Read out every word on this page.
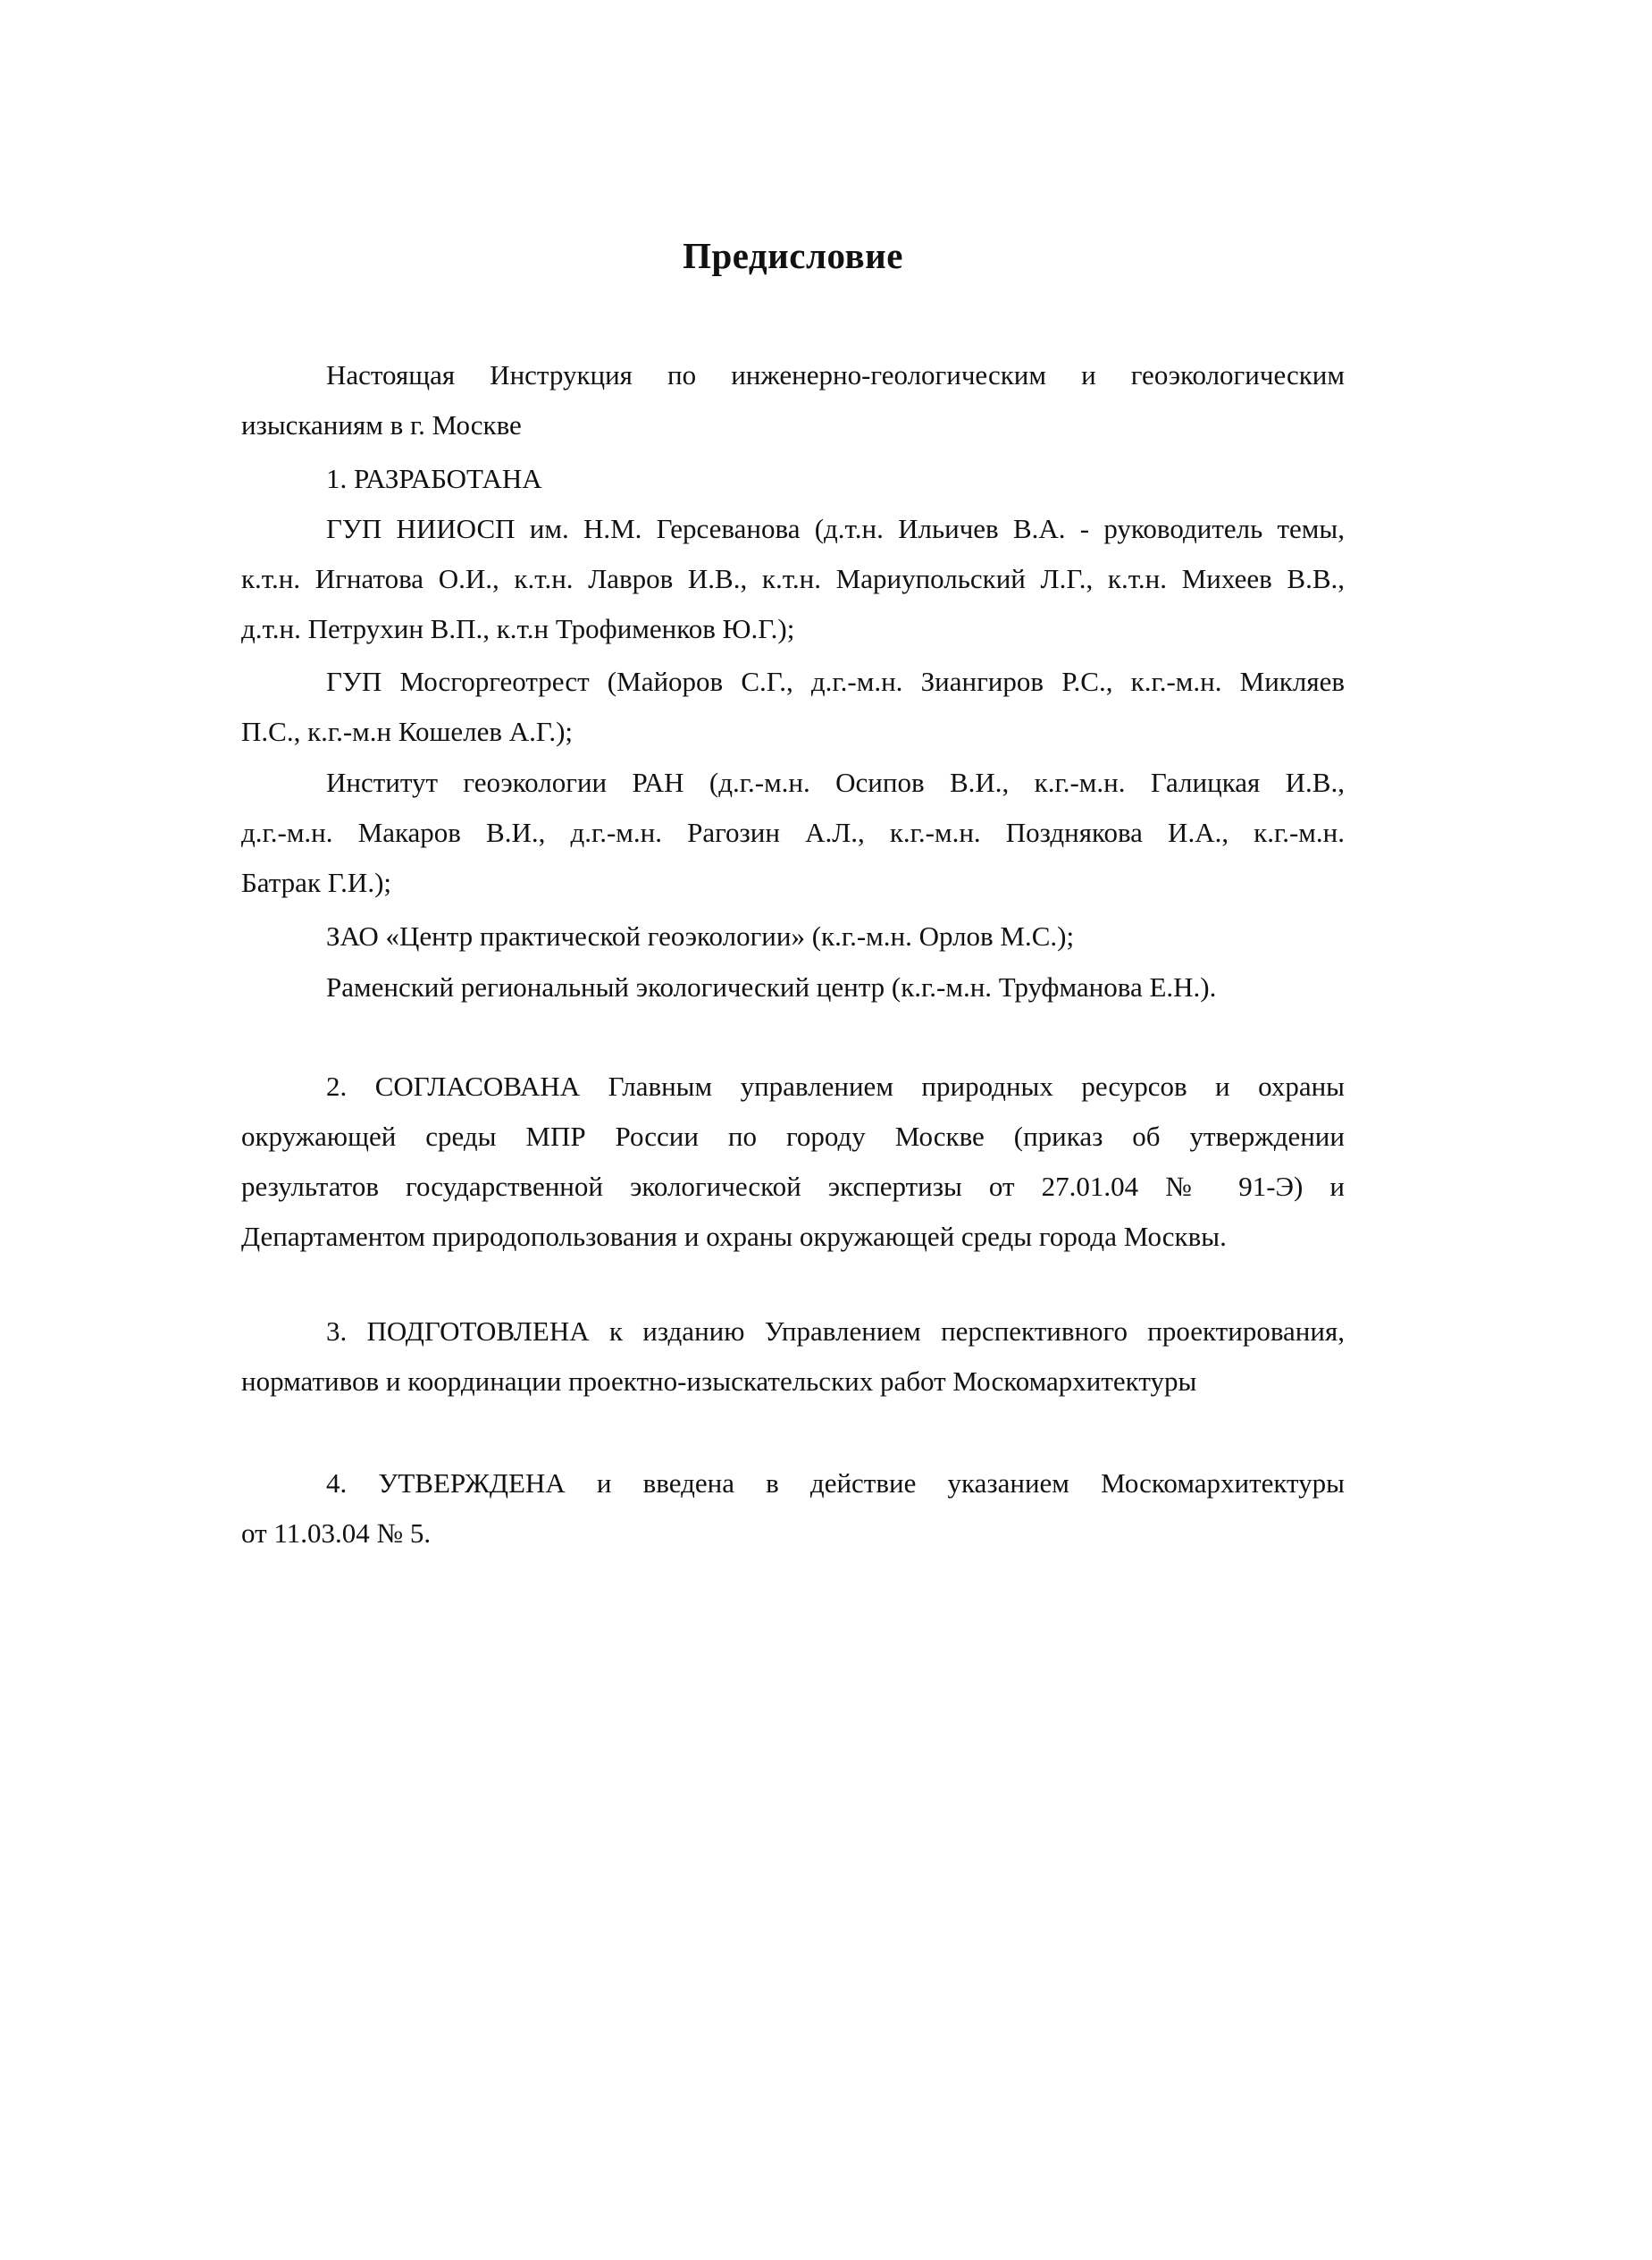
Предисловие
Настоящая Инструкция по инженерно-геологическим и геоэкологическим
изысканиям в г. Москве
1. РАЗРАБОТАНА
ГУП НИИОСП им. Н.М. Герсеванова (д.т.н. Ильичев В.А. - руководитель темы,
к.т.н. Игнатова О.И., к.т.н. Лавров И.В., к.т.н. Мариупольский Л.Г., к.т.н. Михеев В.В.,
д.т.н. Петрухин В.П., к.т.н Трофименков Ю.Г.);
ГУП Мосгоргеотрест (Майоров С.Г., д.г.-м.н. Зиангиров Р.С., к.г.-м.н. Микляев
П.С., к.г.-м.н Кошелев А.Г.);
Институт геоэкологии РАН (д.г.-м.н. Осипов В.И., к.г.-м.н. Галицкая И.В.,
д.г.-м.н. Макаров В.И., д.г.-м.н. Рагозин А.Л., к.г.-м.н. Позднякова И.А., к.г.-м.н.
Батрак Г.И.);
ЗАО «Центр практической геоэкологии» (к.г.-м.н. Орлов М.С.);
Раменский региональный экологический центр (к.г.-м.н. Труфманова Е.Н.).
2. СОГЛАСОВАНА Главным управлением природных ресурсов и охраны
окружающей среды МПР России по городу Москве (приказ об утверждении
результатов государственной экологической экспертизы от 27.01.04 № 91-Э) и
Департаментом природопользования и охраны окружающей среды города Москвы.
3. ПОДГОТОВЛЕНА к изданию Управлением перспективного проектирования,
нормативов и координации проектно-изыскательских работ Москомархитектуры
4. УТВЕРЖДЕНА и введена в действие указанием Москомархитектуры
от 11.03.04 № 5.
